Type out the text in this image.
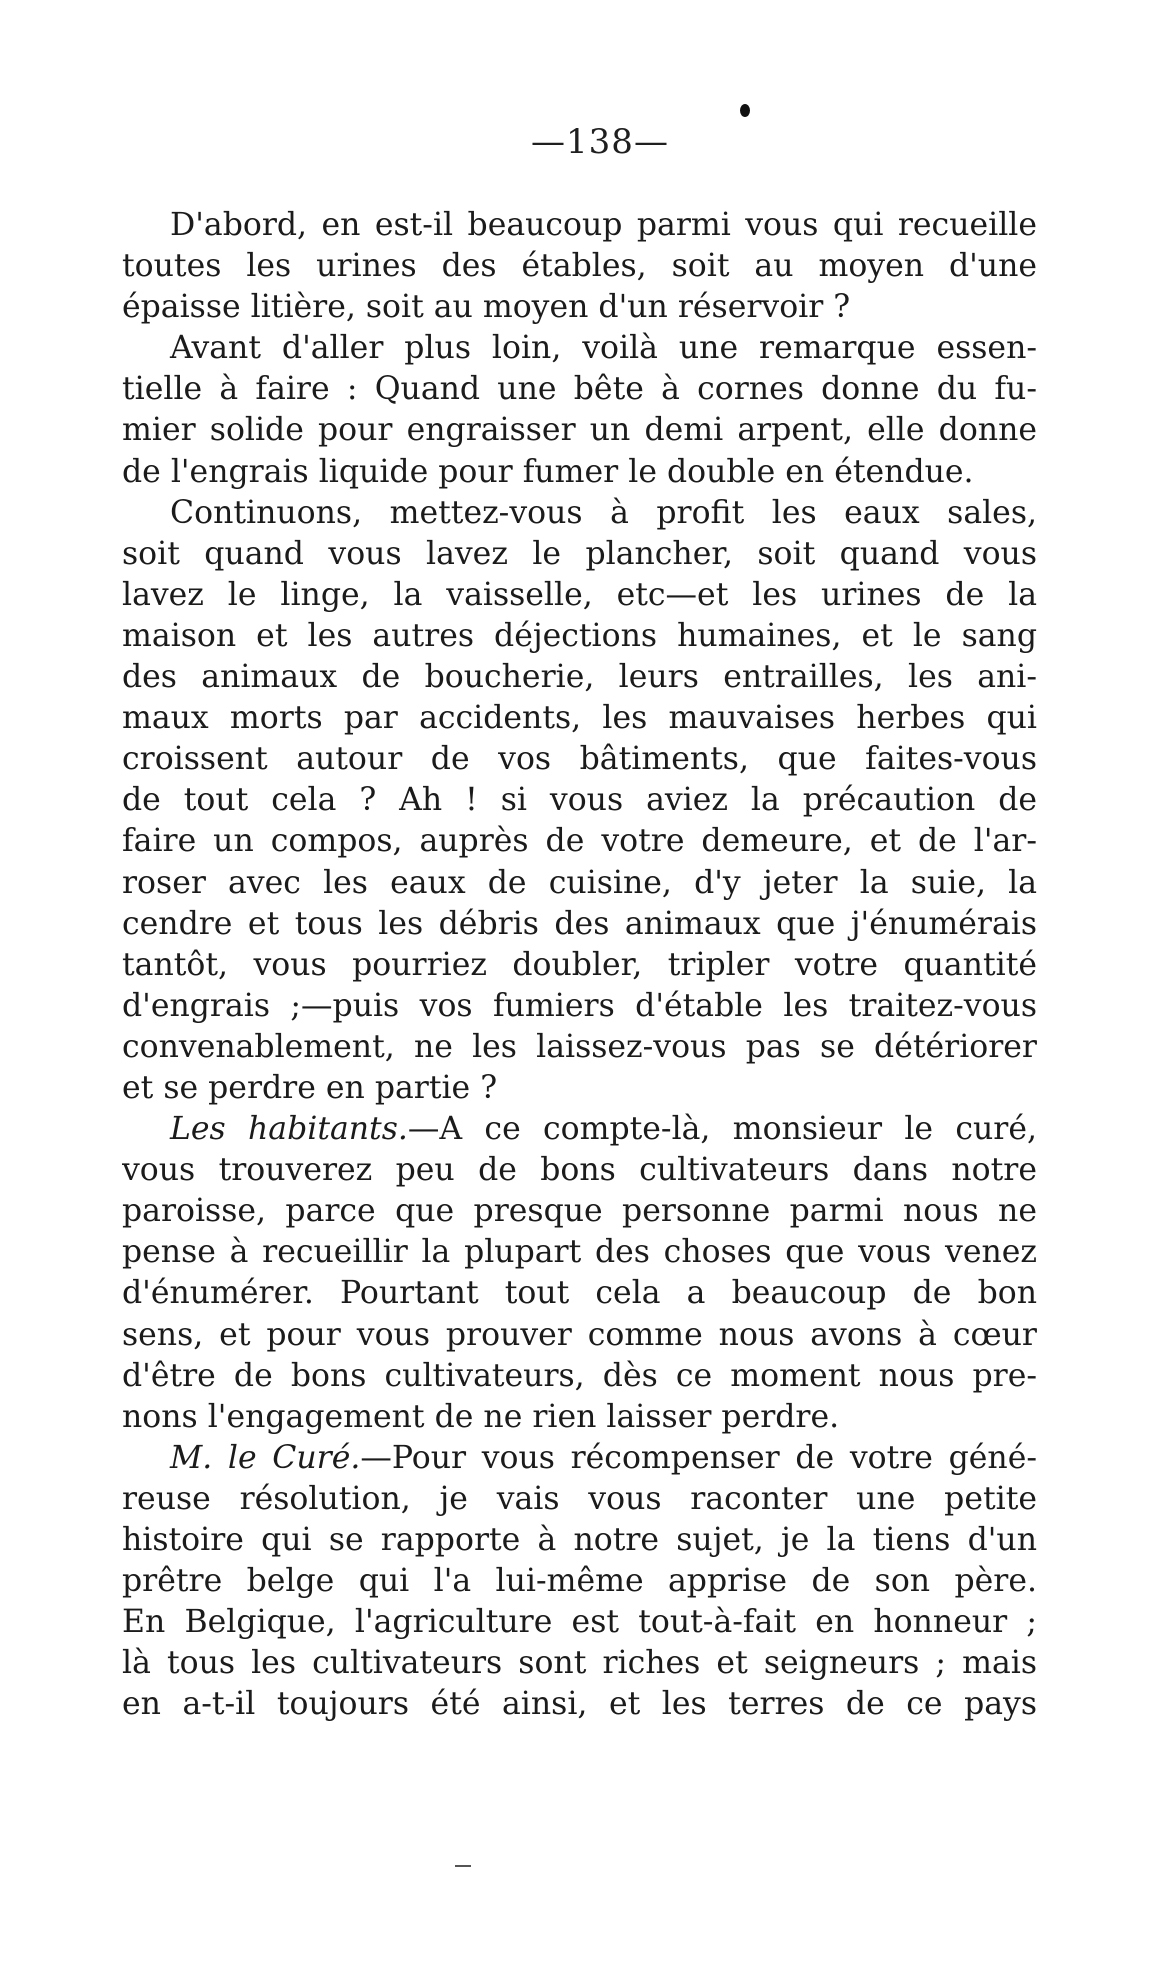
—138—
D'abord, en est-il beaucoup parmi vous qui recueille
toutes les urines des étables, soit au moyen d'une
épaisse litière, soit au moyen d'un réservoir ?
Avant d'aller plus loin, voilà une remarque essen-
tielle à faire : Quand une bête à cornes donne du fu-
mier solide pour engraisser un demi arpent, elle donne
de l'engrais liquide pour fumer le double en étendue.
Continuons, mettez-vous à profit les eaux sales,
soit quand vous lavez le plancher, soit quand vous
lavez le linge, la vaisselle, etc—et les urines de la
maison et les autres déjections humaines, et le sang
des animaux de boucherie, leurs entrailles, les ani-
maux morts par accidents, les mauvaises herbes qui
croissent autour de vos bâtiments, que faites-vous
de tout cela ? Ah ! si vous aviez la précaution de
faire un compos, auprès de votre demeure, et de l'ar-
roser avec les eaux de cuisine, d'y jeter la suie, la
cendre et tous les débris des animaux que j'énumérais
tantôt, vous pourriez doubler, tripler votre quantité
d'engrais ;—puis vos fumiers d'étable les traitez-vous
convenablement, ne les laissez-vous pas se détériorer
et se perdre en partie ?
Les habitants.—A ce compte-là, monsieur le curé,
vous trouverez peu de bons cultivateurs dans notre
paroisse, parce que presque personne parmi nous ne
pense à recueillir la plupart des choses que vous venez
d'énumérer. Pourtant tout cela a beaucoup de bon
sens, et pour vous prouver comme nous avons à cœur
d'être de bons cultivateurs, dès ce moment nous pre-
nons l'engagement de ne rien laisser perdre.
M. le Curé.—Pour vous récompenser de votre géné-
reuse résolution, je vais vous raconter une petite
histoire qui se rapporte à notre sujet, je la tiens d'un
prêtre belge qui l'a lui-même apprise de son père.
En Belgique, l'agriculture est tout-à-fait en honneur ;
là tous les cultivateurs sont riches et seigneurs ; mais
en a-t-il toujours été ainsi, et les terres de ce pays
